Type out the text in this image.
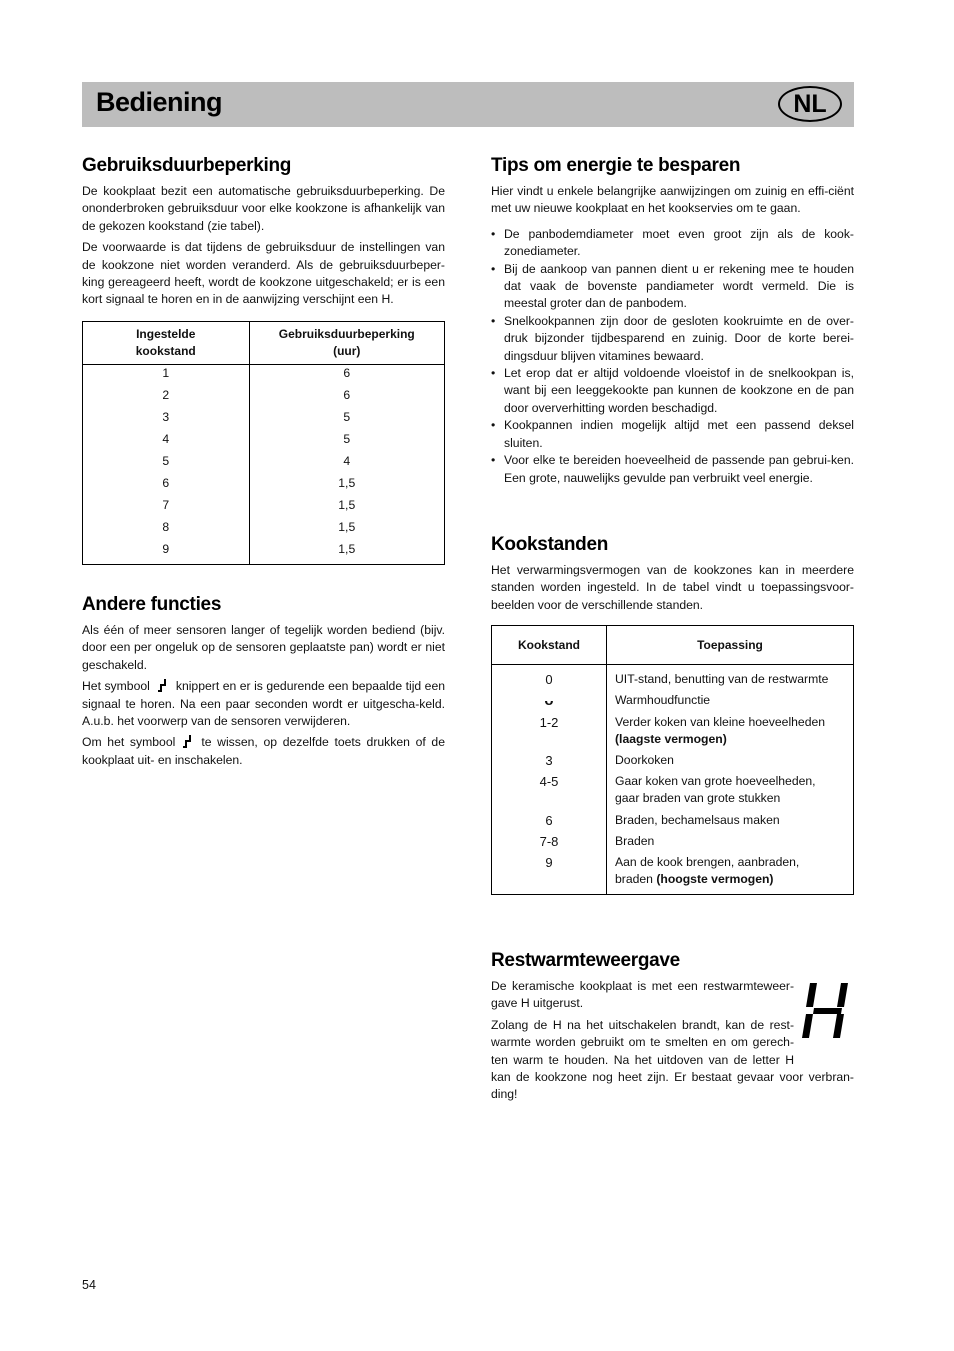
Bediening	NL
Gebruiksduurbeperking

De kookplaat bezit een automatische gebruiksduurbeperking. De ononderbroken gebruiksduur voor elke kookzone is afhankelijk van de gekozen kookstand (zie tabel).

De voorwaarde is dat tijdens de gebruiksduur de instellingen van de kookzone niet worden veranderd. Als de gebruiksduurbeper-king gereageerd heeft, wordt de kookzone uitgeschakeld; er is een kort signaal te horen en in de aanwijzing verschijnt een H.

Ingestelde
kookstand	Gebruiksduurbeperking
(uur)
1	6
2	6
3	5
4	5
5	4
6	1,5
7	1,5
8	1,5
9	1,5
Andere functies

Als één of meer sensoren langer of tegelijk worden bediend (bijv. door een per ongeluk op de sensoren geplaatste pan) wordt er niet geschakeld.

Het symbool knippert en er is gedurende een bepaalde tijd een signaal te horen. Na een paar seconden wordt er uitgescha-keld. A.u.b. het voorwerp van de sensoren verwijderen.

Om het symbool te wissen, op dezelfde toets drukken of de kookplaat uit- en inschakelen.

Tips om energie te besparen

Hier vindt u enkele belangrijke aanwijzingen om zuinig en effi-ciënt met uw nieuwe kookplaat en het kookservies om te gaan.

• De panbodemdiameter moet even groot zijn als de kook-zonediameter.
• Bij de aankoop van pannen dient u er rekening mee te houden dat vaak de bovenste pandiameter wordt vermeld. Die is meestal groter dan de panbodem.
• Snelkookpannen zijn door de gesloten kookruimte en de over-druk bijzonder tijdbesparend en zuinig. Door de korte berei-dingsduur blijven vitamines bewaard.
• Let erop dat er altijd voldoende vloeistof in de snelkookpan is, want bij een leeggekookte pan kunnen de kookzone en de pan door oververhitting worden beschadigd.
• Kookpannen indien mogelijk altijd met een passend deksel sluiten.
• Voor elke te bereiden hoeveelheid de passende pan gebrui-ken. Een grote, nauwelijks gevulde pan verbruikt veel energie.
Kookstanden

Het verwarmingsvermogen van de kookzones kan in meerdere standen worden ingesteld. In de tabel vindt u toepassingsvoor-beelden voor de verschillende standen.

Kookstand	Toepassing
0	UIT-stand, benutting van de restwarmte
ᴗ	Warmhoudfunctie
1-2	Verder koken van kleine hoeveelheden
(laagste vermogen)
3	Doorkoken
4-5	Gaar koken van grote hoeveelheden,
gaar braden van grote stukken
6	Braden, bechamelsaus maken
7-8	Braden
9	Aan de kook brengen, aanbraden,
braden (hoogste vermogen)
Restwarmteweergave

De keramische kookplaat is met een restwarmteweer-gave H uitgerust.

Zolang de H na het uitschakelen brandt, kan de rest-warmte worden gebruikt om te smelten en om gerech-ten warm te houden. Na het uitdoven van de letter H kan de kookzone nog heet zijn. Er bestaat gevaar voor verbran-ding!

54
